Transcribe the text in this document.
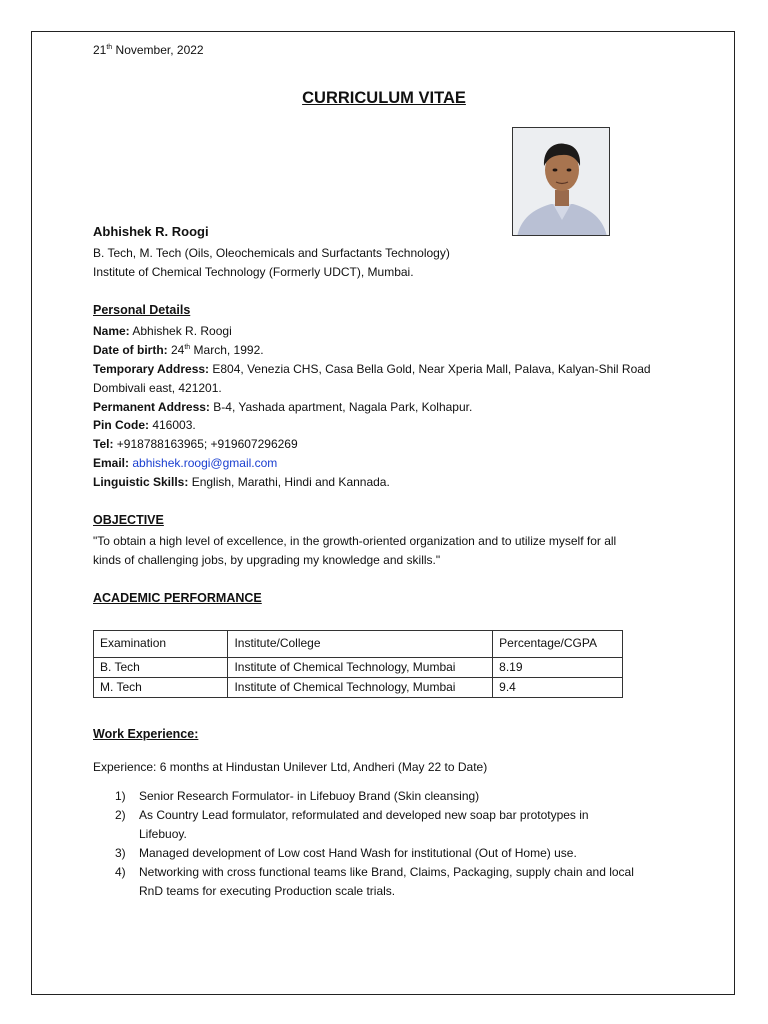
21th November, 2022
CURRICULUM VITAE
Abhishek R. Roogi
B. Tech, M. Tech (Oils, Oleochemicals and Surfactants Technology)
Institute of Chemical Technology (Formerly UDCT), Mumbai.
Personal Details
Name: Abhishek R. Roogi
Date of birth: 24th March, 1992.
Temporary Address: E804, Venezia CHS, Casa Bella Gold, Near Xperia Mall, Palava, Kalyan-Shil Road
Dombivali east, 421201.
Permanent Address: B-4, Yashada apartment, Nagala Park, Kolhapur.
Pin Code: 416003.
Tel: +918788163965; +919607296269
Email: abhishek.roogi@gmail.com
Linguistic Skills: English, Marathi, Hindi and Kannada.
OBJECTIVE
"To obtain a high level of excellence, in the growth-oriented organization and to utilize myself for all
kinds of challenging jobs, by upgrading my knowledge and skills."
ACADEMIC PERFORMANCE
Examination	Institute/College	Percentage/CGPA
B. Tech	Institute of Chemical Technology, Mumbai	8.19
M. Tech	Institute of Chemical Technology, Mumbai	9.4
Work Experience:
Experience: 6 months at Hindustan Unilever Ltd, Andheri (May 22 to Date)
1) Senior Research Formulator- in Lifebuoy Brand (Skin cleansing)
2) As Country Lead formulator, reformulated and developed new soap bar prototypes in
Lifebuoy.
3) Managed development of Low cost Hand Wash for institutional (Out of Home) use.
4) Networking with cross functional teams like Brand, Claims, Packaging, supply chain and local
RnD teams for executing Production scale trials.
